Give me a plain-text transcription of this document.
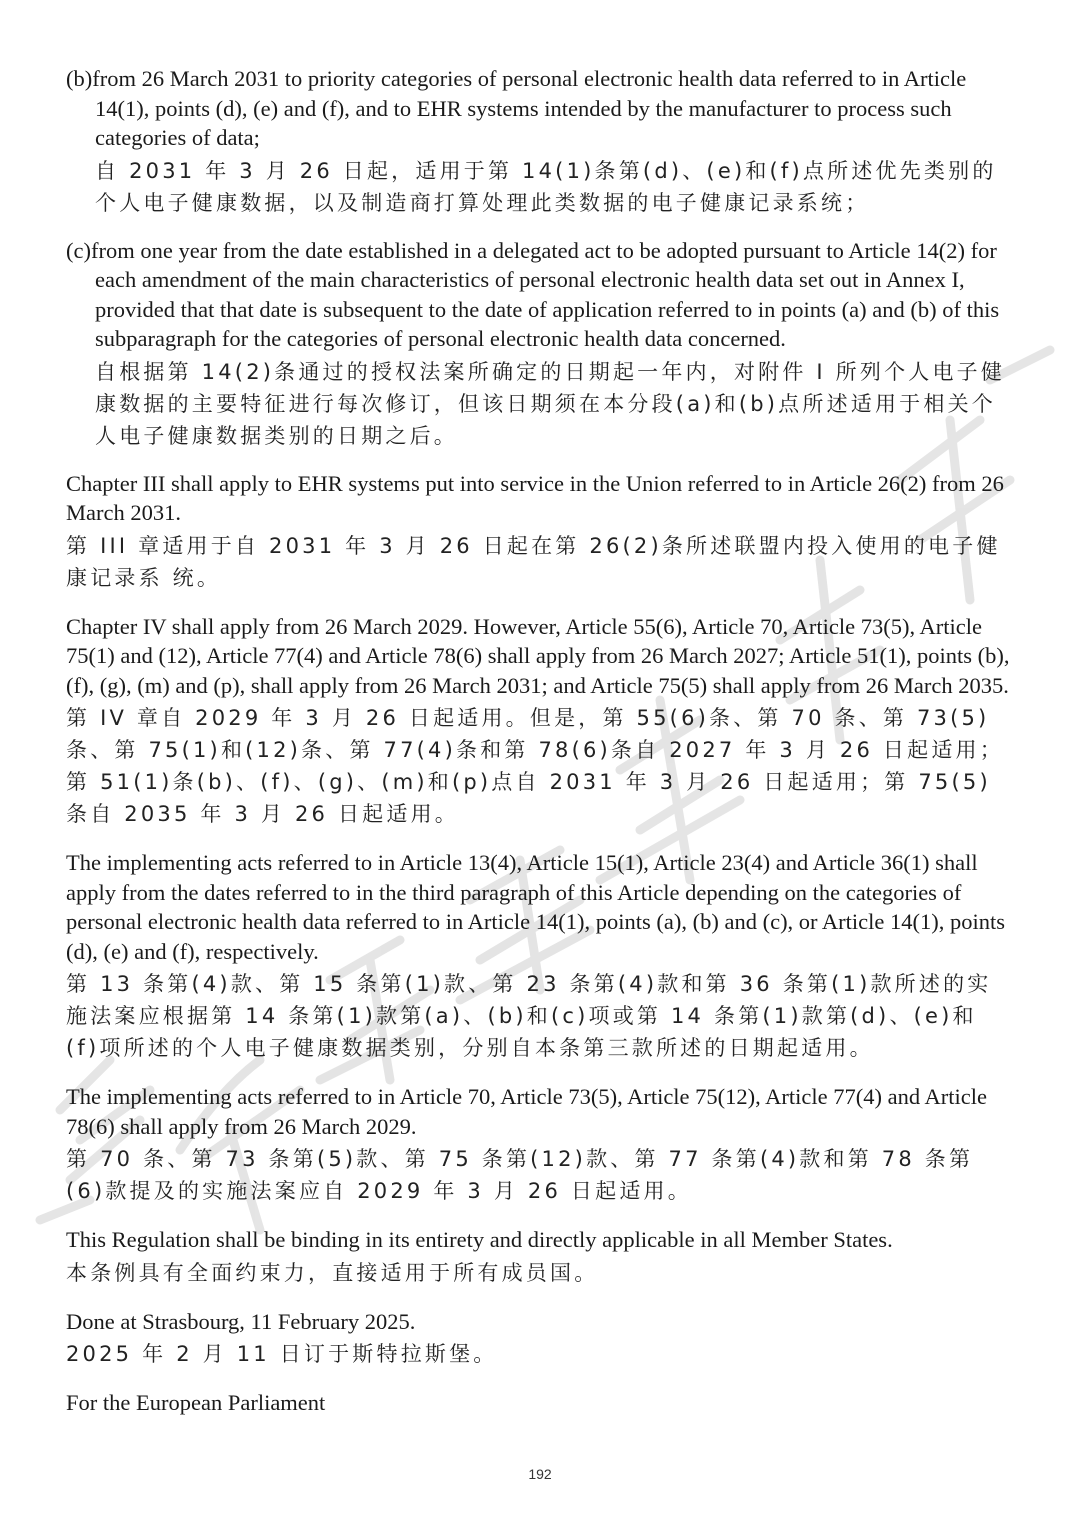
(b)from 26 March 2031 to priority categories of personal electronic health data referred to in Article 14(1), points (d), (e) and (f), and to EHR systems intended by the manufacturer to process such categories of data;

自 2031 年 3 月 26 日起，适用于第 14(1)条第(d)、(e)和(f)点所述优先类别的个人电子健康数据，以及制造商打算处理此类数据的电子健康记录系统；

(c)from one year from the date established in a delegated act to be adopted pursuant to Article 14(2) for each amendment of the main characteristics of personal electronic health data set out in Annex I, provided that that date is subsequent to the date of application referred to in points (a) and (b) of this subparagraph for the categories of personal electronic health data concerned.

自根据第 14(2)条通过的授权法案所确定的日期起一年内，对附件 I 所列个人电子健康数据的主要特征进行每次修订，但该日期须在本分段(a)和(b)点所述适用于相关个人电子健康数据类别的日期之后。

Chapter III shall apply to EHR systems put into service in the Union referred to in Article 26(2) from 26 March 2031.

第 III 章适用于自 2031 年 3 月 26 日起在第 26(2)条所述联盟内投入使用的电子健康记录系 统。

Chapter IV shall apply from 26 March 2029. However, Article 55(6), Article 70, Article 73(5), Article 75(1) and (12), Article 77(4) and Article 78(6) shall apply from 26 March 2027; Article 51(1), points (b), (f), (g), (m) and (p), shall apply from 26 March 2031; and Article 75(5) shall apply from 26 March 2035.

第 IV 章自 2029 年 3 月 26 日起适用。但是，第 55(6)条、第 70 条、第 73(5)条、第 75(1)和(12)条、第 77(4)条和第 78(6)条自 2027 年 3 月 26 日起适用；第 51(1)条(b)、(f)、(g)、(m)和(p)点自 2031 年 3 月 26 日起适用；第 75(5)条自 2035 年 3 月 26 日起适用。

The implementing acts referred to in Article 13(4), Article 15(1), Article 23(4) and Article 36(1) shall apply from the dates referred to in the third paragraph of this Article depending on the categories of personal electronic health data referred to in Article 14(1), points (a), (b) and (c), or Article 14(1), points (d), (e) and (f), respectively.

第 13 条第(4)款、第 15 条第(1)款、第 23 条第(4)款和第 36 条第(1)款所述的实施法案应根据第 14 条第(1)款第(a)、(b)和(c)项或第 14 条第(1)款第(d)、(e)和(f)项所述的个人电子健康数据类别，分别自本条第三款所述的日期起适用。

The implementing acts referred to in Article 70, Article 73(5), Article 75(12), Article 77(4) and Article 78(6) shall apply from 26 March 2029.

第 70 条、第 73 条第(5)款、第 75 条第(12)款、第 77 条第(4)款和第 78 条第(6)款提及的实施法案应自 2029 年 3 月 26 日起适用。

This Regulation shall be binding in its entirety and directly applicable in all Member States.

本条例具有全面约束力，直接适用于所有成员国。

Done at Strasbourg, 11 February 2025.

2025 年 2 月 11 日订于斯特拉斯堡。

For the European Parliament

192
